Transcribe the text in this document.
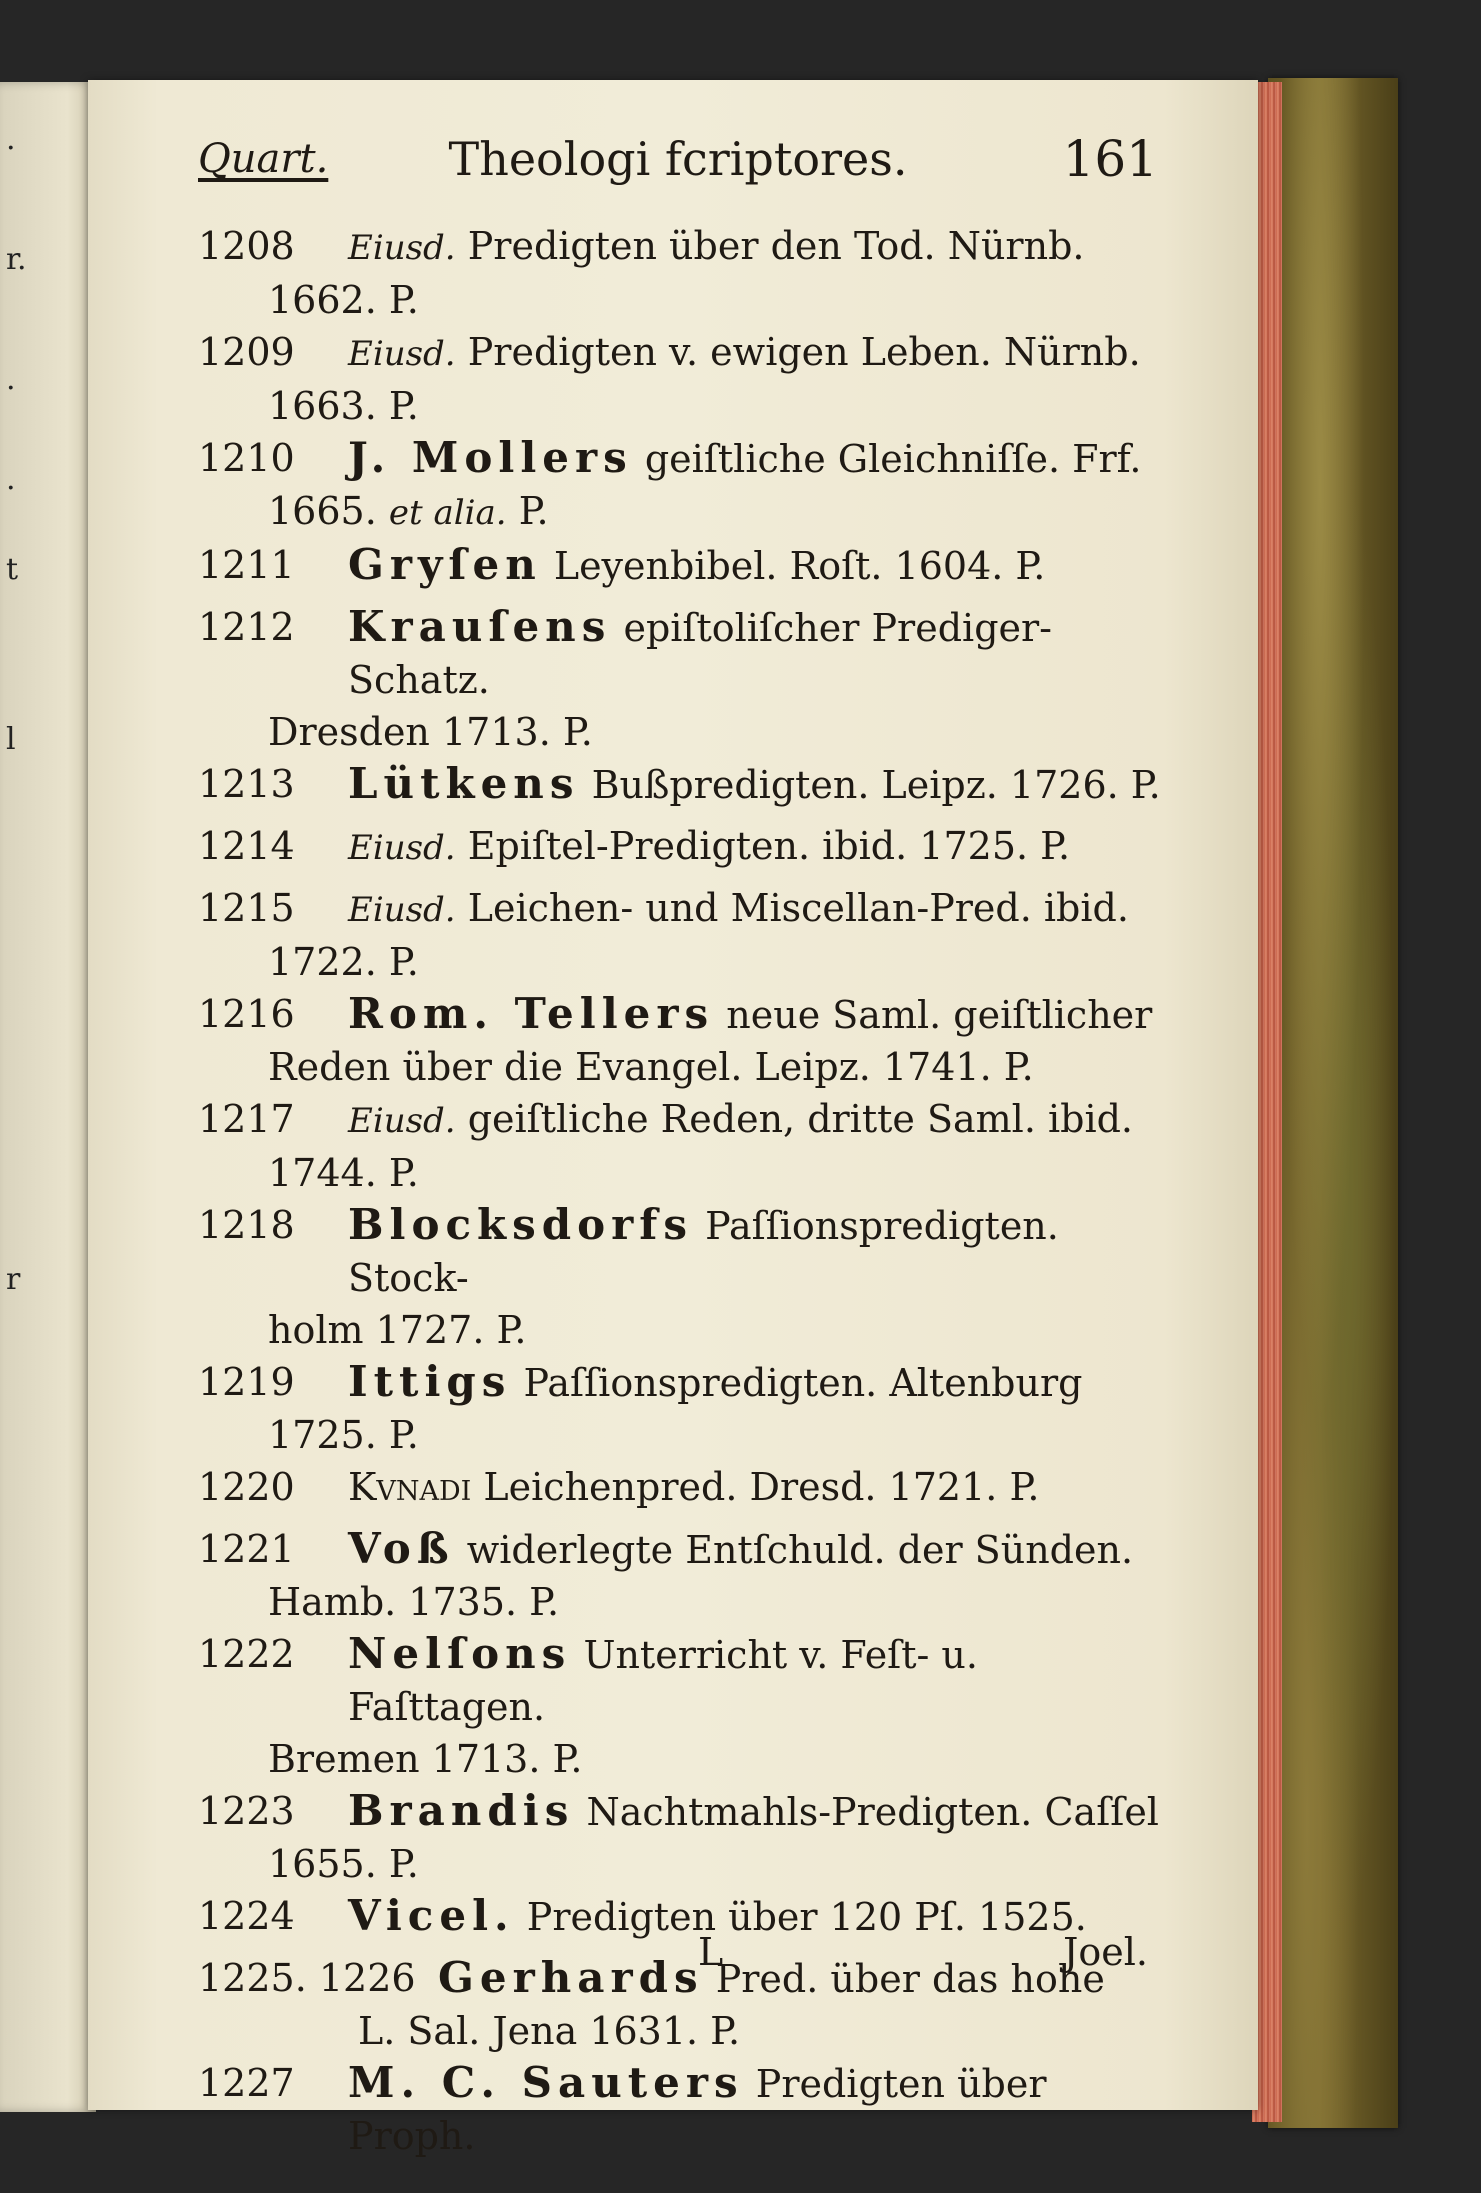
.
r.
.
.
t
l
r
Quart.	Theologi fcriptores.	161
1208	Eiusd. Predigten über den Tod. Nürnb.
1662. P.
1209	Eiusd. Predigten v. ewigen Leben. Nürnb.
1663. P.
1210	J. Mollers geiſtliche Gleichniſſe. Frf.
1665. et alia. P.
1211	Gryſen Leyenbibel. Roſt. 1604. P.
1212	Krauſens epiſtoliſcher Prediger-Schatz.
Dresden 1713. P.
1213	Lütkens Bußpredigten. Leipz. 1726. P.
1214	Eiusd. Epiſtel-Predigten. ibid. 1725. P.
1215	Eiusd. Leichen- und Miscellan-Pred. ibid.
1722. P.
1216	Rom. Tellers neue Saml. geiſtlicher
Reden über die Evangel. Leipz. 1741. P.
1217	Eiusd. geiſtliche Reden, dritte Saml. ibid.
1744. P.
1218	Blocksdorfs Paſſionspredigten. Stock-
holm 1727. P.
1219	Ittigs Paſſionspredigten. Altenburg
1725. P.
1220	Kvnadi Leichenpred. Dresd. 1721. P.
1221	Voß widerlegte Entſchuld. der Sünden.
Hamb. 1735. P.
1222	Nelſons Unterricht v. Feſt- u. Faſttagen.
Bremen 1713. P.
1223	Brandis Nachtmahls-Predigten. Caſſel
1655. P.
1224	Vicel. Predigten über 120 Pſ. 1525.
1225. 1226 Gerhards Pred. über das hohe
L. Sal. Jena 1631. P.
1227	M. C. Sauters Predigten über Proph.
L	Joel.
